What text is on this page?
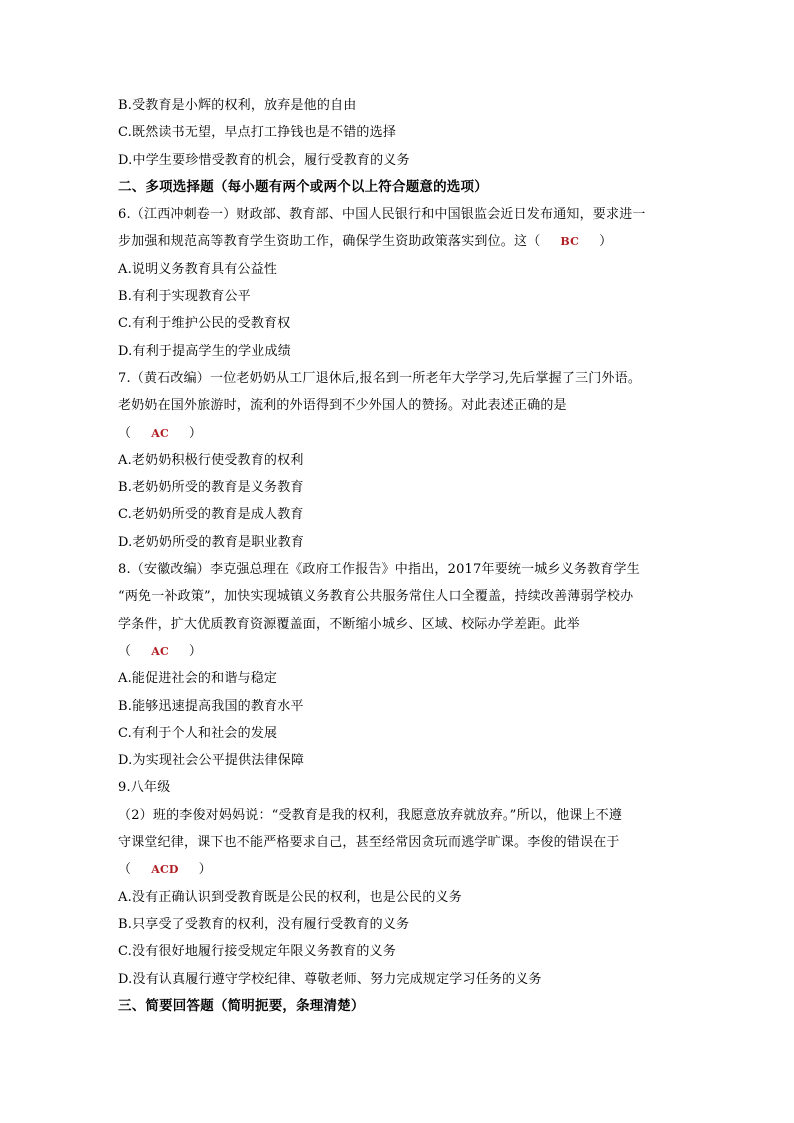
B.受教育是小辉的权利，放弃是他的自由
C.既然读书无望，早点打工挣钱也是不错的选择
D.中学生要珍惜受教育的机会，履行受教育的义务
二、多项选择题（每小题有两个或两个以上符合题意的选项）
6.（江西冲刺卷一）财政部、教育部、中国人民银行和中国银监会近日发布通知，要求进一
步加强和规范高等教育学生资助工作，确保学生资助政策落实到位。这（ BC ）
A.说明义务教育具有公益性
B.有利于实现教育公平
C.有利于维护公民的受教育权
D.有利于提高学生的学业成绩
7.（黄石改编）一位老奶奶从工厂退休后,报名到一所老年大学学习,先后掌握了三门外语。
老奶奶在国外旅游时，流利的外语得到不少外国人的赞扬。对此表述正确的是
（ AC ）
A.老奶奶积极行使受教育的权利
B.老奶奶所受的教育是义务教育
C.老奶奶所受的教育是成人教育
D.老奶奶所受的教育是职业教育
8.（安徽改编）李克强总理在《政府工作报告》中指出，2017年要统一城乡义务教育学生
“两免一补政策”，加快实现城镇义务教育公共服务常住人口全覆盖，持续改善薄弱学校办
学条件，扩大优质教育资源覆盖面，不断缩小城乡、区域、校际办学差距。此举
（ AC ）
A.能促进社会的和谐与稳定
B.能够迅速提高我国的教育水平
C.有利于个人和社会的发展
D.为实现社会公平提供法律保障
9.八年级
（2）班的李俊对妈妈说：“受教育是我的权利，我愿意放弃就放弃。”所以，他课上不遵
守课堂纪律，课下也不能严格要求自己，甚至经常因贪玩而逃学旷课。李俊的错误在于
（ ACD ）
A.没有正确认识到受教育既是公民的权利，也是公民的义务
B.只享受了受教育的权利，没有履行受教育的义务
C.没有很好地履行接受规定年限义务教育的义务
D.没有认真履行遵守学校纪律、尊敬老师、努力完成规定学习任务的义务
三、简要回答题（简明扼要，条理清楚）
